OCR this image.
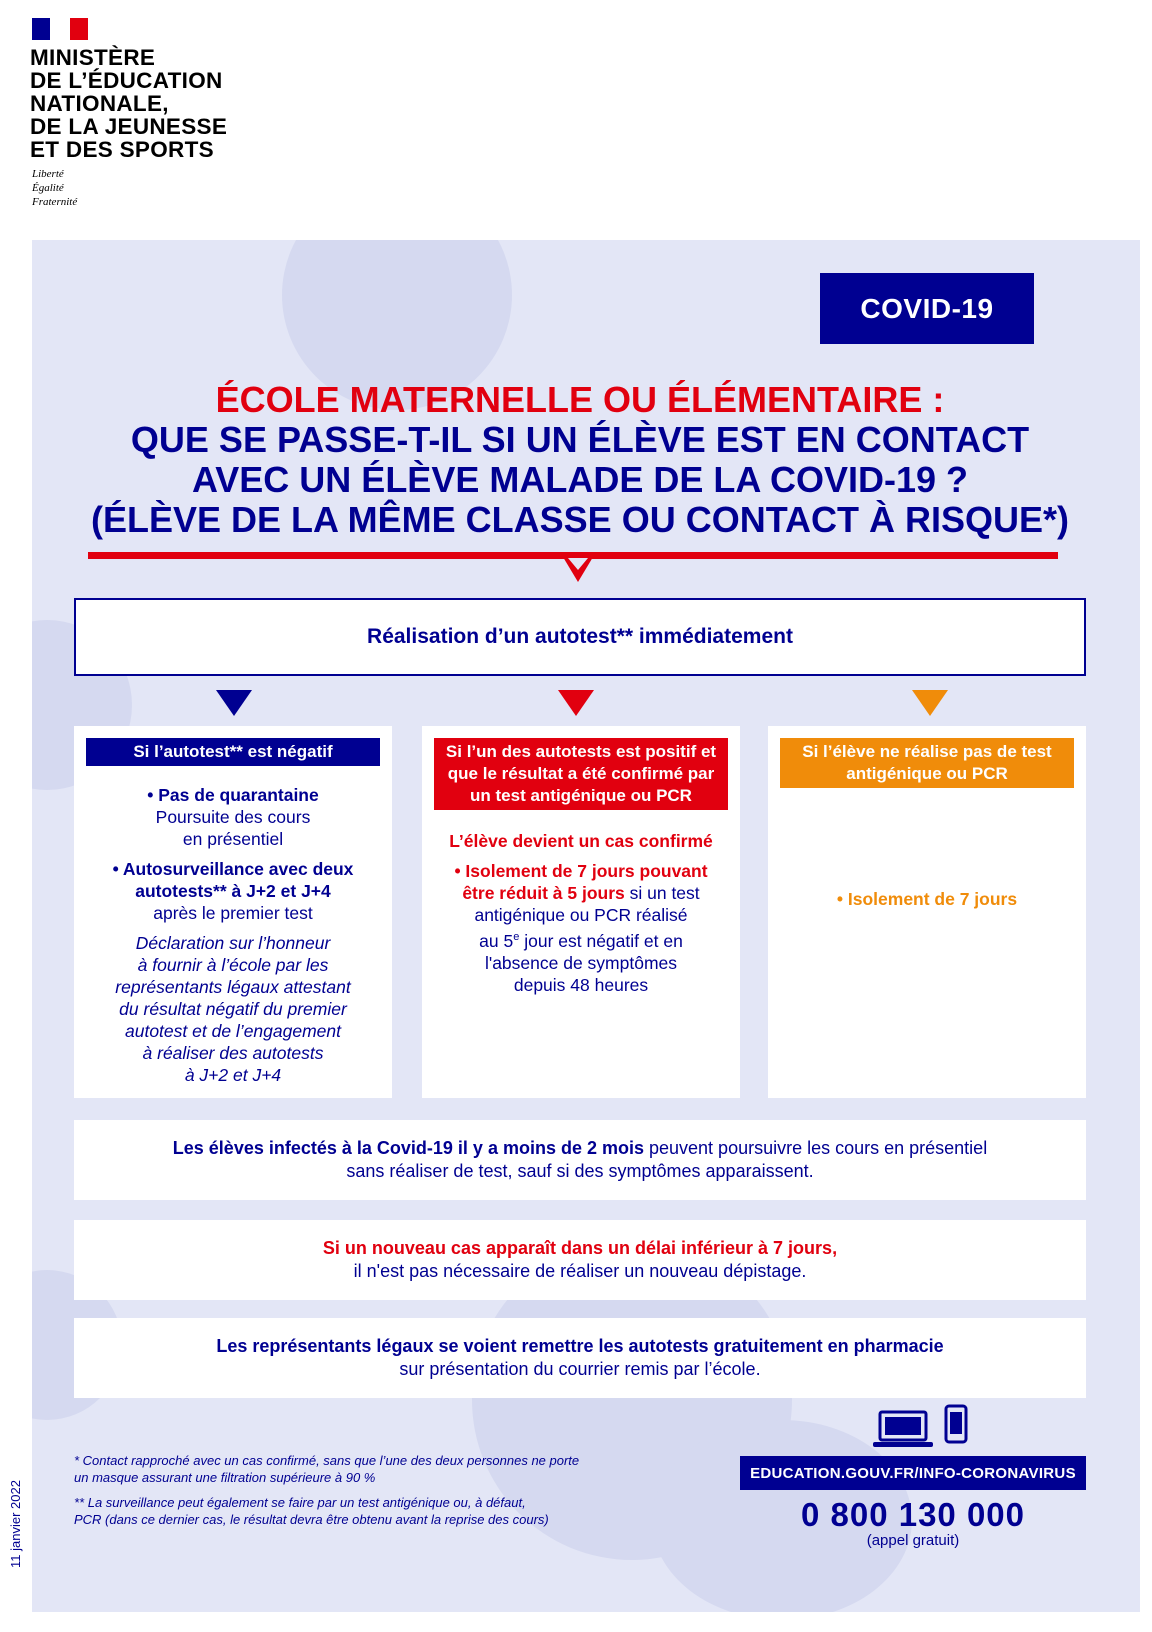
MINISTÈRE
DE L’ÉDUCATION
NATIONALE,
DE LA JEUNESSE
ET DES SPORTS
Liberté
Égalité
Fraternité
COVID-19
ÉCOLE MATERNELLE OU ÉLÉMENTAIRE :
QUE SE PASSE-T-IL SI UN ÉLÈVE EST EN CONTACT
AVEC UN ÉLÈVE MALADE DE LA COVID-19 ?
(ÉLÈVE DE LA MÊME CLASSE OU CONTACT À RISQUE*)
Réalisation d’un autotest** immédiatement
Si l’autotest** est négatif

• Pas de quarantaine

Poursuite des cours

en présentiel

• Autosurveillance avec deux

autotests** à J+2 et J+4

après le premier test

Déclaration sur l’honneur

à fournir à l’école par les

représentants légaux attestant

du résultat négatif du premier

autotest et de l’engagement

à réaliser des autotests

à J+2 et J+4

Si l’un des autotests est positif et que le résultat a été confirmé par un test antigénique ou PCR

L’élève devient un cas confirmé

• Isolement de 7 jours pouvant

être réduit à 5 jours si un test

antigénique ou PCR réalisé

au 5e jour est négatif et en

l'absence de symptômes

depuis 48 heures

Si l’élève ne réalise pas de test antigénique ou PCR

• Isolement de 7 jours

Les élèves infectés à la Covid-19 il y a moins de 2 mois peuvent poursuivre les cours en présentiel
sans réaliser de test, sauf si des symptômes apparaissent.
Si un nouveau cas apparaît dans un délai inférieur à 7 jours,
il n'est pas nécessaire de réaliser un nouveau dépistage.
Les représentants légaux se voient remettre les autotests gratuitement en pharmacie
sur présentation du courrier remis par l’école.
* Contact rapproché avec un cas confirmé, sans que l’une des deux personnes ne porte
un masque assurant une filtration supérieure à 90 %
** La surveillance peut également se faire par un test antigénique ou, à défaut,
PCR (dans ce dernier cas, le résultat devra être obtenu avant la reprise des cours)
11 janvier 2022
EDUCATION.GOUV.FR/INFO-CORONAVIRUS
0 800 130 000
(appel gratuit)
